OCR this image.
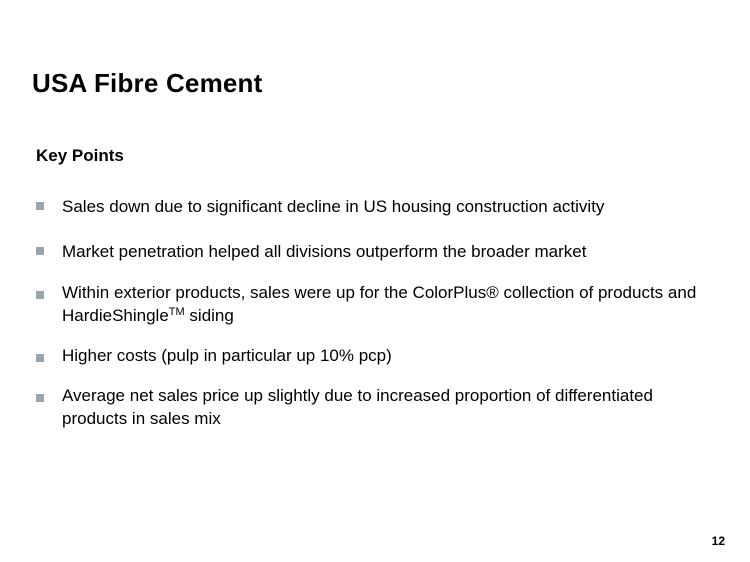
USA Fibre Cement
Key Points
Sales down due to significant decline in US housing construction activity
Market penetration helped all divisions outperform the broader market
Within exterior products, sales were up for the ColorPlus® collection of products and HardieShingle™ siding
Higher costs (pulp in particular up 10% pcp)
Average net sales price up slightly due to increased proportion of differentiated products in sales mix
12
